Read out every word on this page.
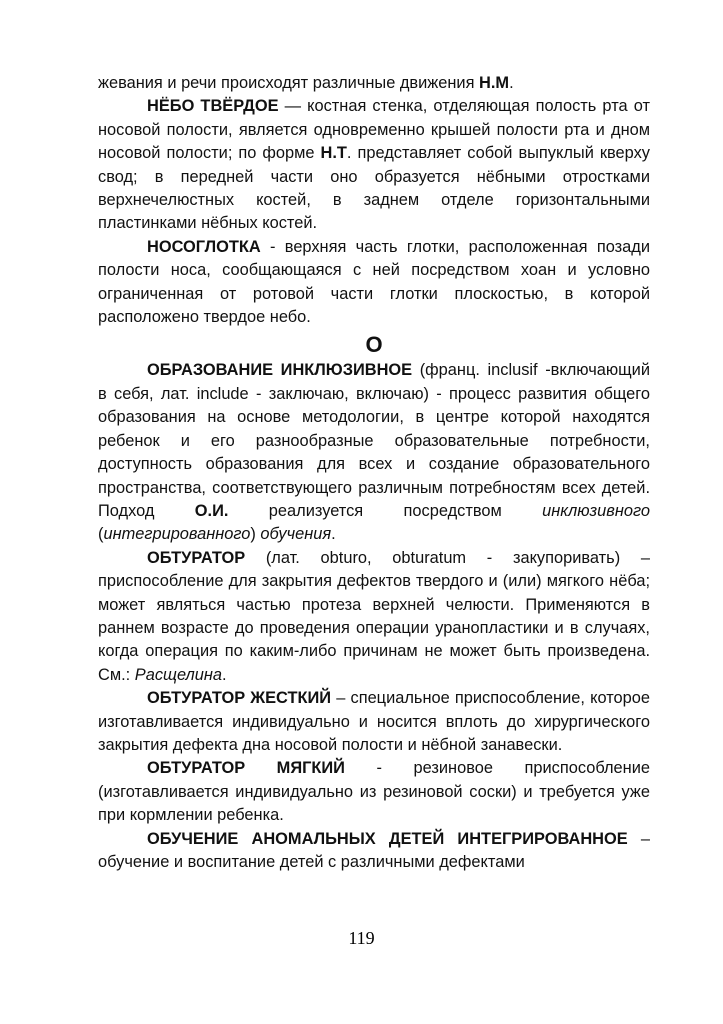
жевания и речи происходят различные движения Н.М.

НЁБО ТВЁРДОЕ — костная стенка, отделяющая полость рта от носовой полости, является одновременно крышей полости рта и дном носовой полости; по форме Н.Т. представляет собой выпуклый кверху свод; в передней части оно образуется нёбными отростками верхнечелюстных костей, в заднем отделе горизонтальными пластинками нёбных костей.

НОСОГЛОТКА - верхняя часть глотки, расположенная позади полости носа, сообщающаяся с ней посредством хоан и условно ограниченная от ротовой части глотки плоскостью, в которой расположено твердое небо.

О

ОБРАЗОВАНИЕ ИНКЛЮЗИВНОЕ (франц. inclusif -включающий в себя, лат. include - заключаю, включаю) - процесс развития общего образования на основе методологии, в центре которой находятся ребенок и его разнообразные образовательные потребности, доступность образования для всех и создание образовательного пространства, соответствующего различным потребностям всех детей. Подход О.И. реализуется посредством инклюзивного (интегрированного) обучения.

ОБТУРАТОР (лат. obturo, obturatum - закупоривать) – приспособление для закрытия дефектов твердого и (или) мягкого нёба; может являться частью протеза верхней челюсти. Применяются в раннем возрасте до проведения операции уранопластики и в случаях, когда операция по каким-либо причинам не может быть произведена. См.: Расщелина.

ОБТУРАТОР ЖЕСТКИЙ – специальное приспособление, которое изготавливается индивидуально и носится вплоть до хирургического закрытия дефекта дна носовой полости и нёбной занавески.

ОБТУРАТОР МЯГКИЙ - резиновое приспособление (изготавливается индивидуально из резиновой соски) и требуется уже при кормлении ребенка.

ОБУЧЕНИЕ АНОМАЛЬНЫХ ДЕТЕЙ ИНТЕГРИРОВАННОЕ – обучение и воспитание детей с различными дефектами

119
